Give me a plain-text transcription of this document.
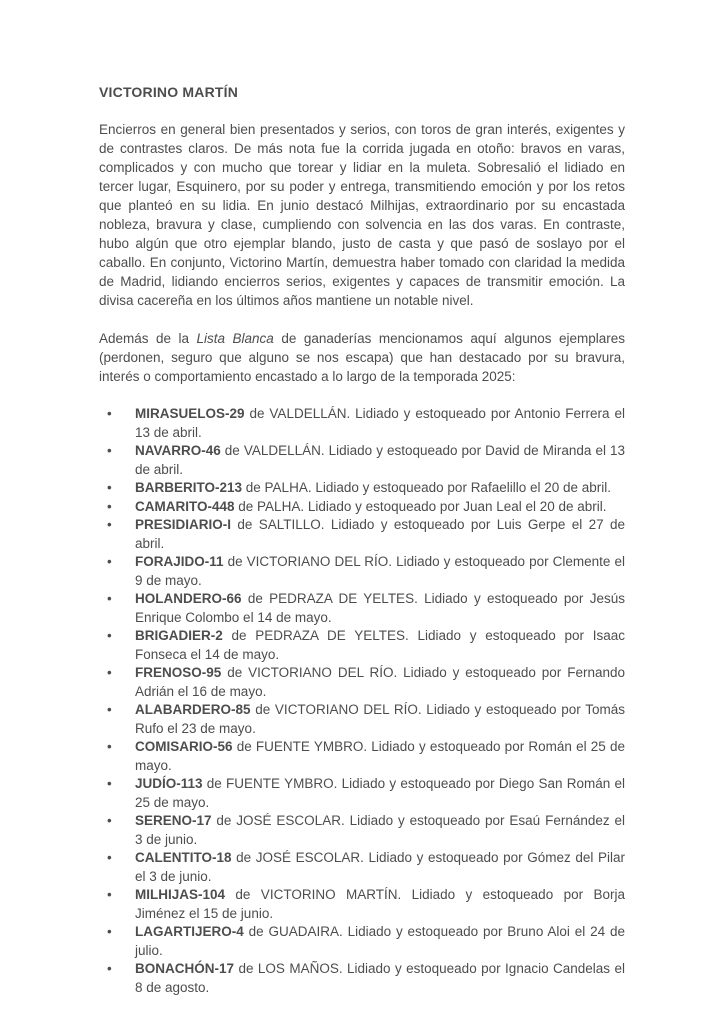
VICTORINO MARTÍN

Encierros en general bien presentados y serios, con toros de gran interés, exigentes y de contrastes claros. De más nota fue la corrida jugada en otoño: bravos en varas, complicados y con mucho que torear y lidiar en la muleta. Sobresalió el lidiado en tercer lugar, Esquinero, por su poder y entrega, transmitiendo emoción y por los retos que planteó en su lidia. En junio destacó Milhijas, extraordinario por su encastada nobleza, bravura y clase, cumpliendo con solvencia en las dos varas. En contraste, hubo algún que otro ejemplar blando, justo de casta y que pasó de soslayo por el caballo. En conjunto, Victorino Martín, demuestra haber tomado con claridad la medida de Madrid, lidiando encierros serios, exigentes y capaces de transmitir emoción. La divisa cacereña en los últimos años mantiene un notable nivel.

Además de la Lista Blanca de ganaderías mencionamos aquí algunos ejemplares (perdonen, seguro que alguno se nos escapa) que han destacado por su bravura, interés o comportamiento encastado a lo largo de la temporada 2025:

• MIRASUELOS-29 de VALDELLÁN. Lidiado y estoqueado por Antonio Ferrera el 13 de abril.
• NAVARRO-46 de VALDELLÁN. Lidiado y estoqueado por David de Miranda el 13 de abril.
• BARBERITO-213 de PALHA. Lidiado y estoqueado por Rafaelillo el 20 de abril.
• CAMARITO-448 de PALHA. Lidiado y estoqueado por Juan Leal el 20 de abril.
• PRESIDIARIO-I de SALTILLO. Lidiado y estoqueado por Luis Gerpe el 27 de abril.
• FORAJIDO-11 de VICTORIANO DEL RÍO. Lidiado y estoqueado por Clemente el 9 de mayo.
• HOLANDERO-66 de PEDRAZA DE YELTES. Lidiado y estoqueado por Jesús Enrique Colombo el 14 de mayo.
• BRIGADIER-2 de PEDRAZA DE YELTES. Lidiado y estoqueado por Isaac Fonseca el 14 de mayo.
• FRENOSO-95 de VICTORIANO DEL RÍO. Lidiado y estoqueado por Fernando Adrián el 16 de mayo.
• ALABARDERO-85 de VICTORIANO DEL RÍO. Lidiado y estoqueado por Tomás Rufo el 23 de mayo.
• COMISARIO-56 de FUENTE YMBRO. Lidiado y estoqueado por Román el 25 de mayo.
• JUDÍO-113 de FUENTE YMBRO. Lidiado y estoqueado por Diego San Román el 25 de mayo.
• SERENO-17 de JOSÉ ESCOLAR. Lidiado y estoqueado por Esaú Fernández el 3 de junio.
• CALENTITO-18 de JOSÉ ESCOLAR. Lidiado y estoqueado por Gómez del Pilar el 3 de junio.
• MILHIJAS-104 de VICTORINO MARTÍN. Lidiado y estoqueado por Borja Jiménez el 15 de junio.
• LAGARTIJERO-4 de GUADAIRA. Lidiado y estoqueado por Bruno Aloi el 24 de julio.
• BONACHÓN-17 de LOS MAÑOS. Lidiado y estoqueado por Ignacio Candelas el 8 de agosto.
